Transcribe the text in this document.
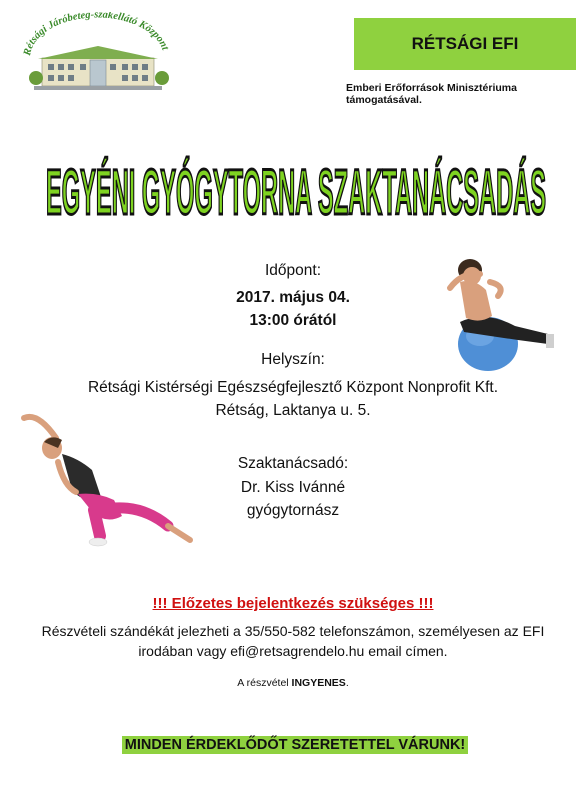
Rétsági Járóbeteg-szakellátó Központ	RÉTSÁGI EFI
Emberi Erőforrások Minisztériuma támogatásával.
EGYÉNI GYÓGYTORNA SZAKTANÁCSADÁS
Időpont:
2017. május 04.
13:00 órától
Helyszín:
Rétsági Kistérségi Egészségfejlesztő Központ Nonprofit Kft.
Rétság, Laktanya u. 5.
Szaktanácsadó:
Dr. Kiss Ivánné
gyógytornász
!!! Előzetes bejelentkezés szükséges !!!
Részvételi szándékát jelezheti a 35/550-582 telefonszámon, személyesen az EFI
irodában vagy efi@retsagrendelo.hu email címen.
A részvétel INGYENES.
MINDEN ÉRDEKLŐDŐT SZERETETTEL VÁRUNK!
